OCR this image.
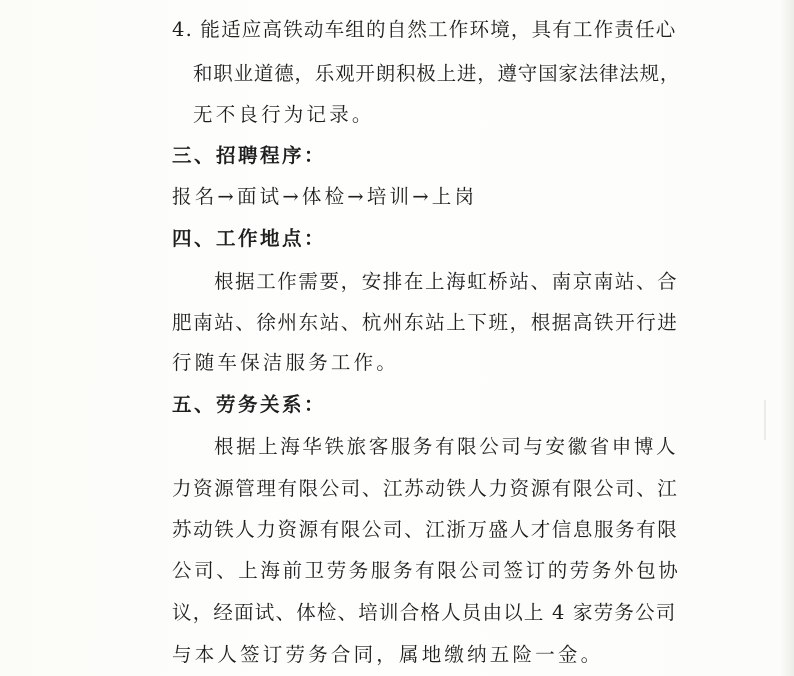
4. 能适应高铁动车组的自然工作环境，具有工作责任心
和职业道德，乐观开朗积极上进，遵守国家法律法规，
无不良行为记录。
三、招聘程序：
报名→面试→体检→培训→上岗
四、工作地点：
根据工作需要，安排在上海虹桥站、南京南站、合
肥南站、徐州东站、杭州东站上下班，根据高铁开行进
行随车保洁服务工作。
五、劳务关系：
根据上海华铁旅客服务有限公司与安徽省申博人
力资源管理有限公司、江苏动铁人力资源有限公司、江
苏动铁人力资源有限公司、江浙万盛人才信息服务有限
公司、上海前卫劳务服务有限公司签订的劳务外包协
议，经面试、体检、培训合格人员由以上 4 家劳务公司
与本人签订劳务合同，属地缴纳五险一金。
